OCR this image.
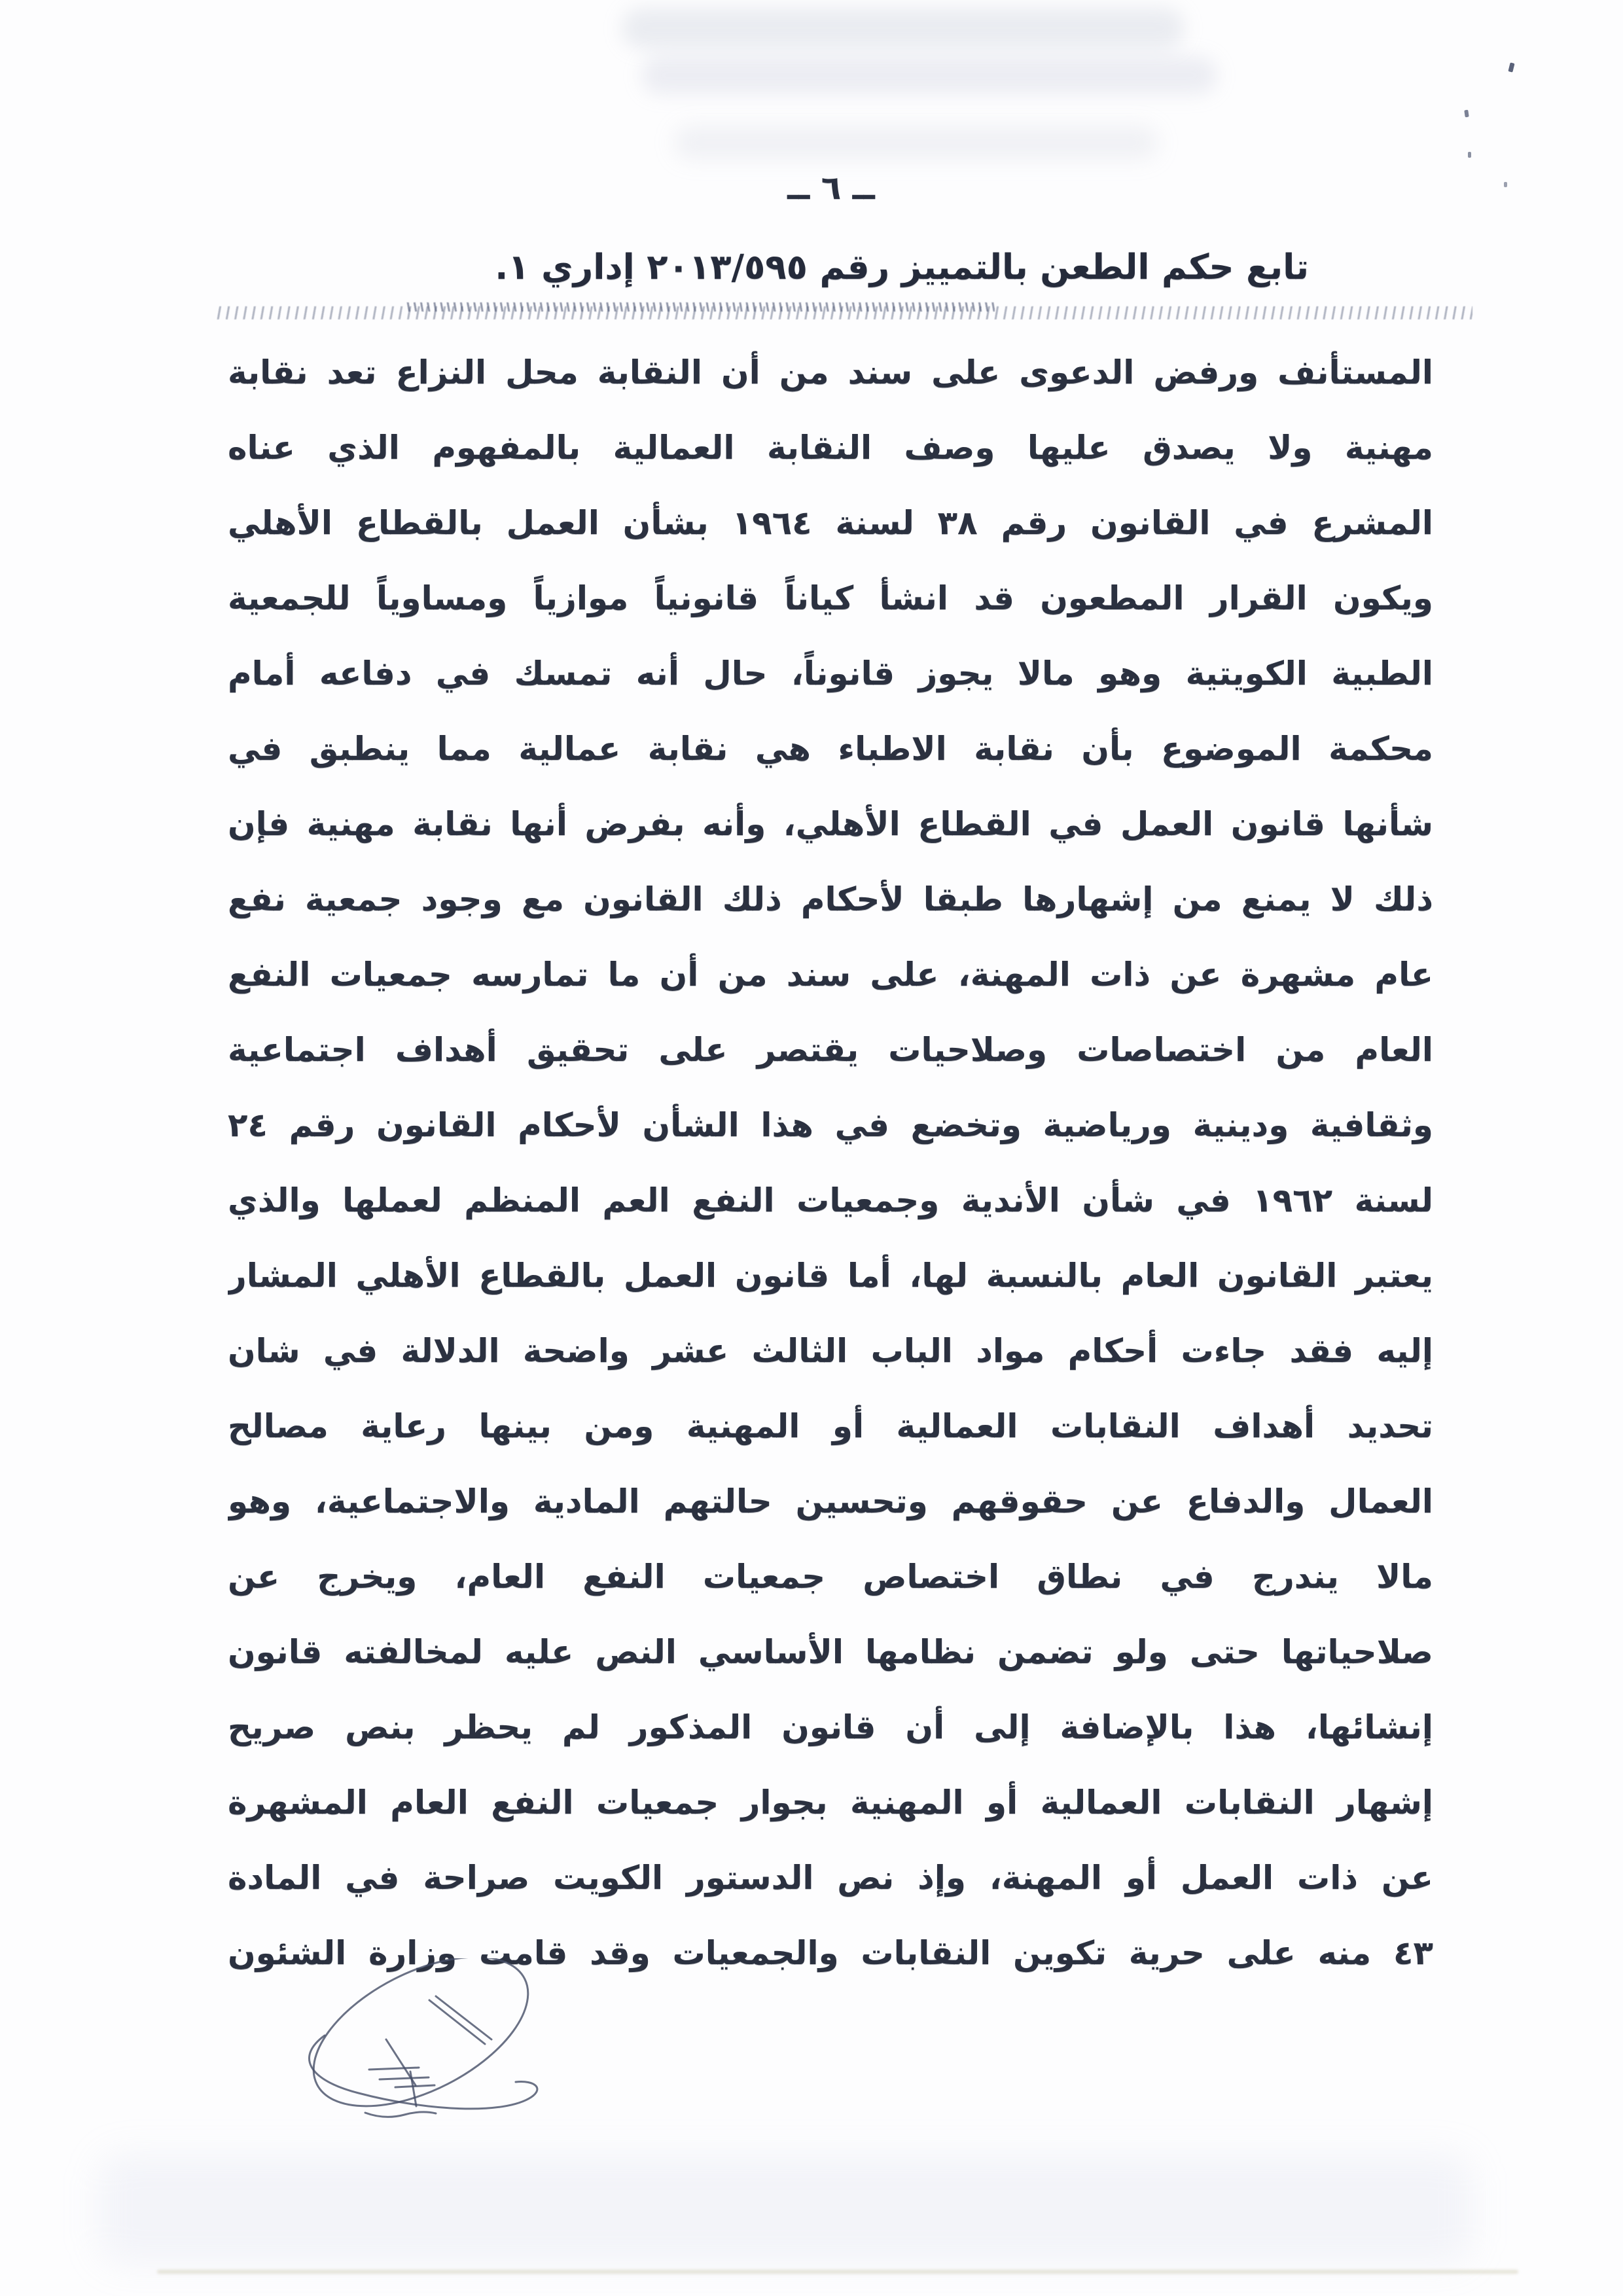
ــ ٦ ــ
تابع حكم الطعن بالتمييز رقم ٢٠١٣/٥٩٥ إداري ١.
المستأنف ورفض الدعوى على سند من أن النقابة محل النزاع تعد نقابة
مهنية ولا يصدق عليها وصف النقابة العمالية بالمفهوم الذي عناه
المشرع في القانون رقم ٣٨ لسنة ١٩٦٤ بشأن العمل بالقطاع الأهلي
ويكون القرار المطعون قد انشأ كياناً قانونياً موازياً ومساوياً للجمعية
الطبية الكويتية وهو مالا يجوز قانوناً، حال أنه تمسك في دفاعه أمام
محكمة الموضوع بأن نقابة الاطباء هي نقابة عمالية مما ينطبق في
شأنها قانون العمل في القطاع الأهلي، وأنه بفرض أنها نقابة مهنية فإن
ذلك لا يمنع من إشهارها طبقا لأحكام ذلك القانون مع وجود جمعية نفع
عام مشهرة عن ذات المهنة، على سند من أن ما تمارسه جمعيات النفع
العام من اختصاصات وصلاحيات يقتصر على تحقيق أهداف اجتماعية
وثقافية ودينية ورياضية وتخضع في هذا الشأن لأحكام القانون رقم ٢٤
لسنة ١٩٦٢ في شأن الأندية وجمعيات النفع العم المنظم لعملها والذي
يعتبر القانون العام بالنسبة لها، أما قانون العمل بالقطاع الأهلي المشار
إليه فقد جاءت أحكام مواد الباب الثالث عشر واضحة الدلالة في شان
تحديد أهداف النقابات العمالية أو المهنية ومن بينها رعاية مصالح
العمال والدفاع عن حقوقهم وتحسين حالتهم المادية والاجتماعية، وهو
مالا يندرج في نطاق اختصاص جمعيات النفع العام، ويخرج عن
صلاحياتها حتى ولو تضمن نظامها الأساسي النص عليه لمخالفته قانون
إنشائها، هذا بالإضافة إلى أن قانون المذكور لم يحظر بنص صريح
إشهار النقابات العمالية أو المهنية بجوار جمعيات النفع العام المشهرة
عن ذات العمل أو المهنة، وإذ نص الدستور الكويت صراحة في المادة
٤٣ منه على حرية تكوين النقابات والجمعيات وقد قامت وزارة الشئون
